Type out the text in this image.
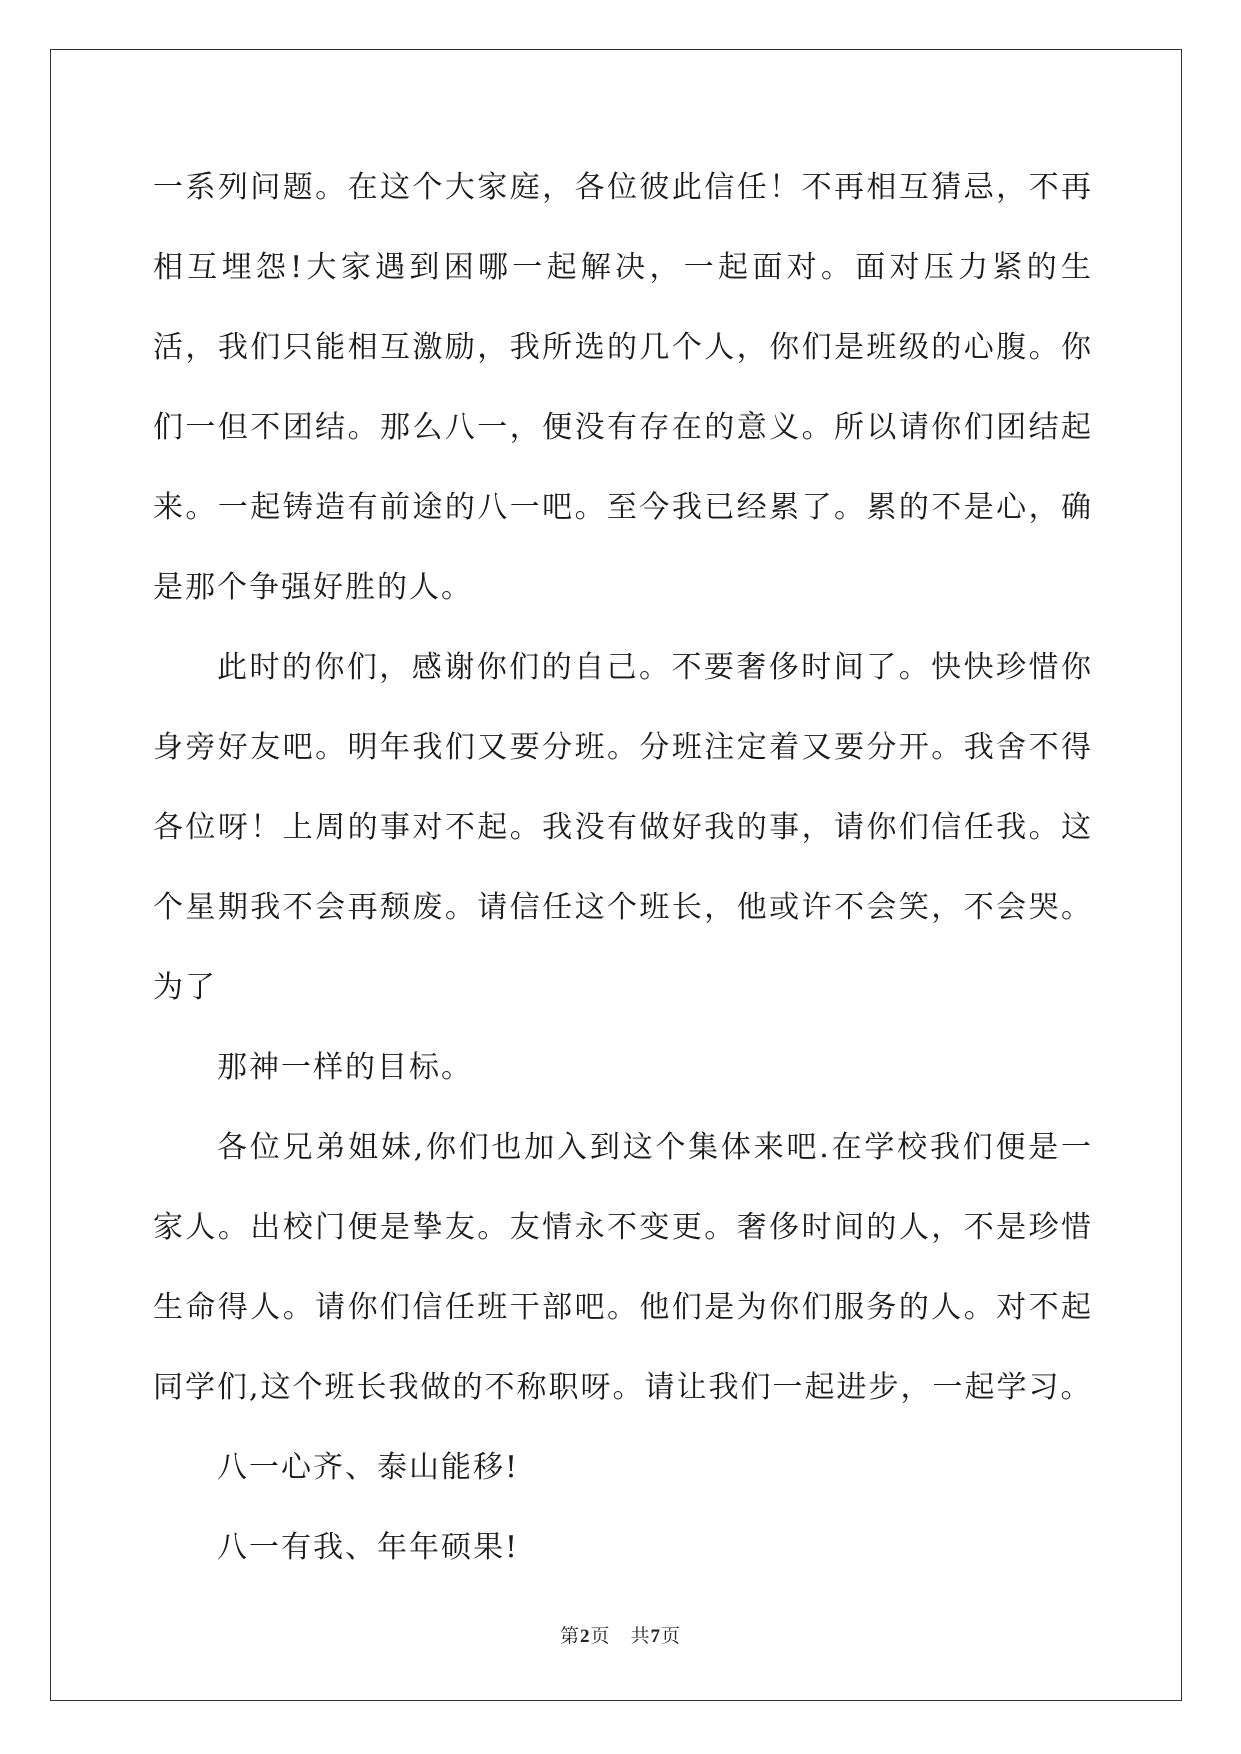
一系列问题。在这个大家庭，各位彼此信任！不再相互猜忌，不再相互埋怨!大家遇到困哪一起解决，一起面对。面对压力紧的生活，我们只能相互激励，我所选的几个人，你们是班级的心腹。你们一但不团结。那么八一，便没有存在的意义。所以请你们团结起来。一起铸造有前途的八一吧。至今我已经累了。累的不是心，确是那个争强好胜的人。

此时的你们，感谢你们的自己。不要奢侈时间了。快快珍惜你身旁好友吧。明年我们又要分班。分班注定着又要分开。我舍不得各位呀！上周的事对不起。我没有做好我的事，请你们信任我。这个星期我不会再颓废。请信任这个班长，他或许不会笑，不会哭。为了

那神一样的目标。

各位兄弟姐妹,你们也加入到这个集体来吧.在学校我们便是一家人。出校门便是挚友。友情永不变更。奢侈时间的人，不是珍惜生命得人。请你们信任班干部吧。他们是为你们服务的人。对不起同学们,这个班长我做的不称职呀。请让我们一起进步，一起学习。

八一心齐、泰山能移!

八一有我、年年硕果!

第2页 共7页
